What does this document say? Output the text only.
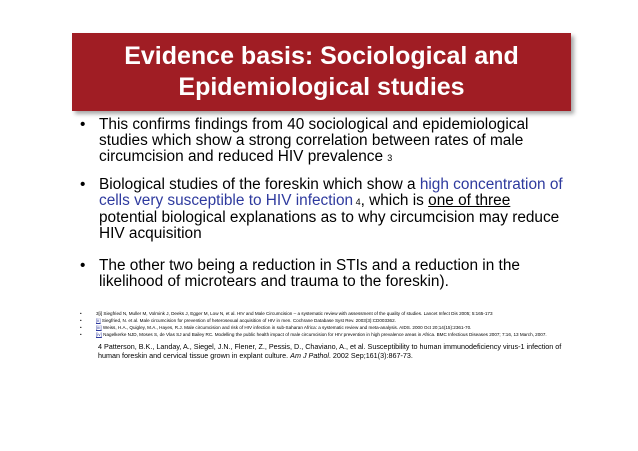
Evidence basis: Sociological and
Epidemiological studies
• This confirms findings from 40 sociological and epidemiological
studies which show a strong correlation between rates of male
circumcision and reduced HIV prevalence 3
• Biological studies of the foreskin which show a high concentration of
cells very susceptible to HIV infection 4, which is one of three
potential biological explanations as to why circumcision may reduce
HIV acquisition
• The other two being a reduction in STIs and a reduction in the
likelihood of microtears and trauma to the foreskin).
•	3[i] Siegfried N, Muller M, Volmink J, Deeks J, Egger M, Low N, et al. HIV and Male Circumcision – a systematic review with assessment of the quality of studies. Lancet Infect Dis 2005; 5:165-173
•	[ii] Siegfried, N. et al. Male circumcision for prevention of heterosexual acquisition of HIV in men. Cochrane Database Syst Rev. 2003(3):CD003362.
•	[iii] Weiss, H.A., Quigley, M.A., Hayes, R.J. Male circumcision and risk of HIV infection in sub-Saharan Africa: a systematic review and meta-analysis. AIDS. 2000 Oct 20;14(15):2361-70.
•	[iv] Nagelkerke NJD, Moses S, de Vlas SJ and Bailey RC. Modelling the public health impact of male circumcision for HIV prevention in high prevalence areas in Africa. BMC Infectious Diseases 2007; 7:16, 13 March, 2007.
4 Patterson, B.K., Landay, A., Siegel, J.N., Flener, Z., Pessis, D., Chaviano, A., et al. Susceptibility to human immunodeficiency virus-1 infection of
human foreskin and cervical tissue grown in explant culture. Am J Pathol. 2002 Sep;161(3):867-73.
